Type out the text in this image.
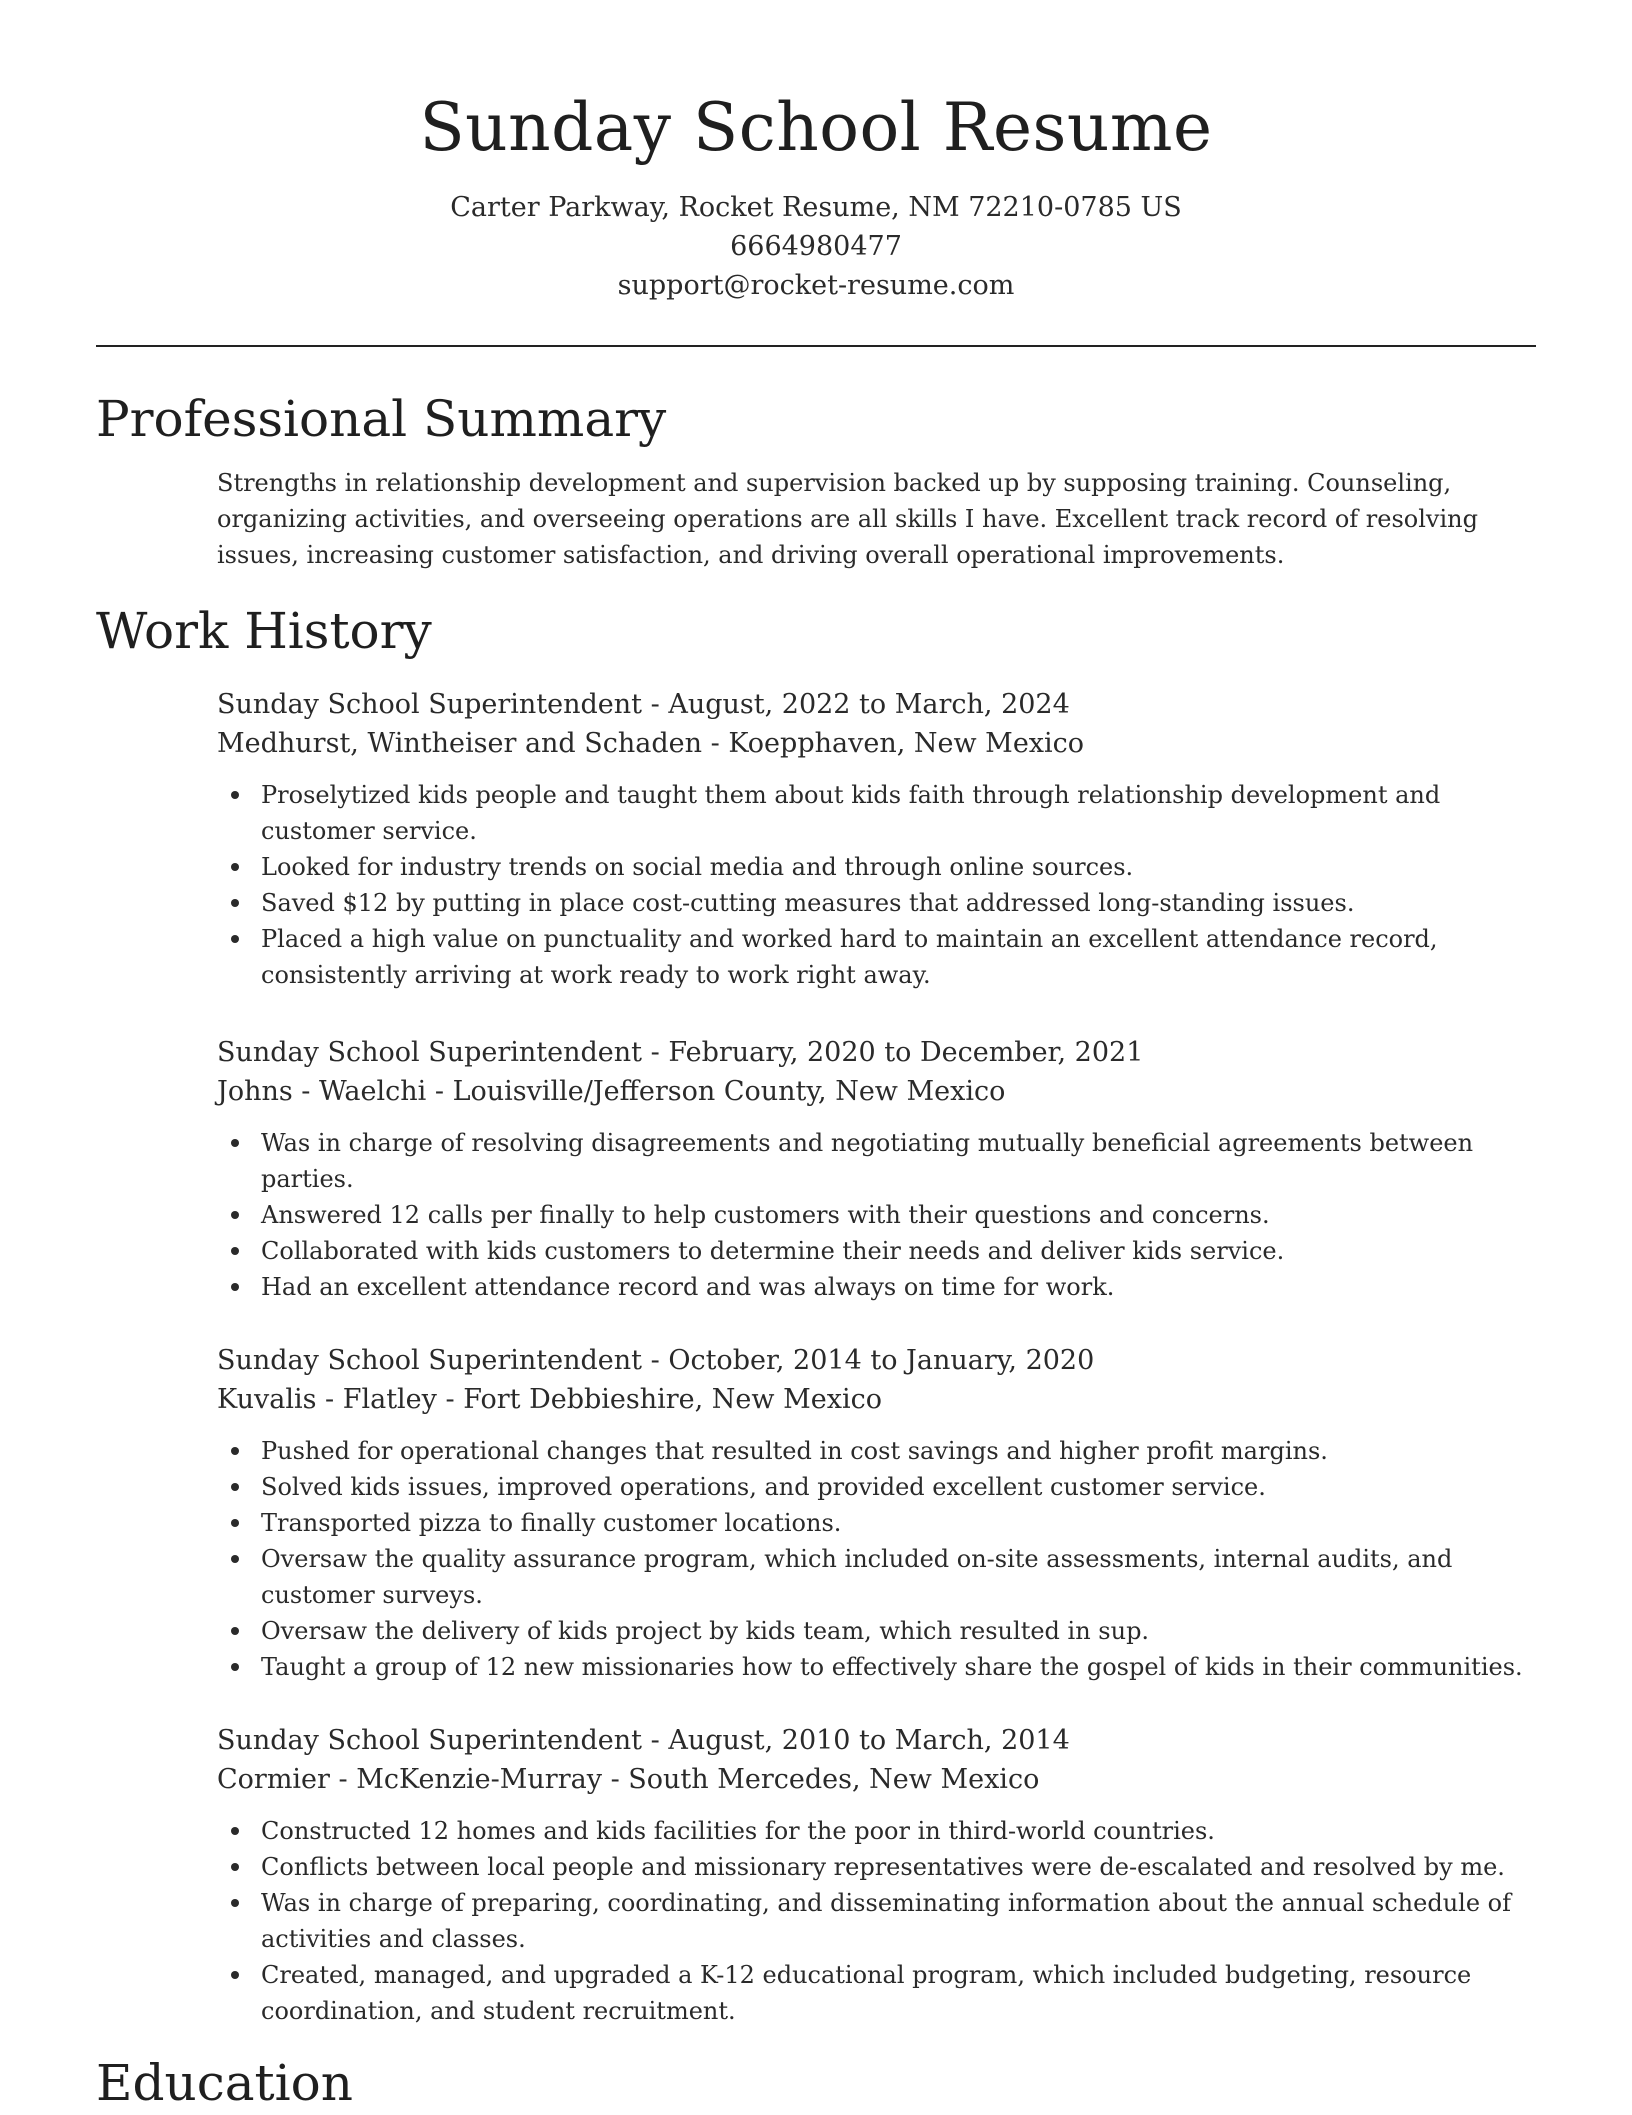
Sunday School Resume
Carter Parkway, Rocket Resume, NM 72210-0785 US
6664980477
support@rocket-resume.com
Professional Summary

Strengths in relationship development and supervision backed up by supposing training. Counseling, organizing activities, and overseeing operations are all skills I have. Excellent track record of resolving issues, increasing customer satisfaction, and driving overall operational improvements.

Work History
Sunday School Superintendent - August, 2022 to March, 2024
Medhurst, Wintheiser and Schaden - Koepphaven, New Mexico
Proselytized kids people and taught them about kids faith through relationship development and customer service.
Looked for industry trends on social media and through online sources.
Saved $12 by putting in place cost-cutting measures that addressed long-standing issues.
Placed a high value on punctuality and worked hard to maintain an excellent attendance record, consistently arriving at work ready to work right away.
Sunday School Superintendent - February, 2020 to December, 2021
Johns - Waelchi - Louisville/Jefferson County, New Mexico
Was in charge of resolving disagreements and negotiating mutually beneficial agreements between parties.
Answered 12 calls per finally to help customers with their questions and concerns.
Collaborated with kids customers to determine their needs and deliver kids service.
Had an excellent attendance record and was always on time for work.
Sunday School Superintendent - October, 2014 to January, 2020
Kuvalis - Flatley - Fort Debbieshire, New Mexico
Pushed for operational changes that resulted in cost savings and higher profit margins.
Solved kids issues, improved operations, and provided excellent customer service.
Transported pizza to finally customer locations.
Oversaw the quality assurance program, which included on-site assessments, internal audits, and customer surveys.
Oversaw the delivery of kids project by kids team, which resulted in sup.
Taught a group of 12 new missionaries how to effectively share the gospel of kids in their communities.
Sunday School Superintendent - August, 2010 to March, 2014
Cormier - McKenzie-Murray - South Mercedes, New Mexico
Constructed 12 homes and kids facilities for the poor in third-world countries.
Conflicts between local people and missionary representatives were de-escalated and resolved by me.
Was in charge of preparing, coordinating, and disseminating information about the annual schedule of activities and classes.
Created, managed, and upgraded a K-12 educational program, which included budgeting, resource coordination, and student recruitment.
Education
